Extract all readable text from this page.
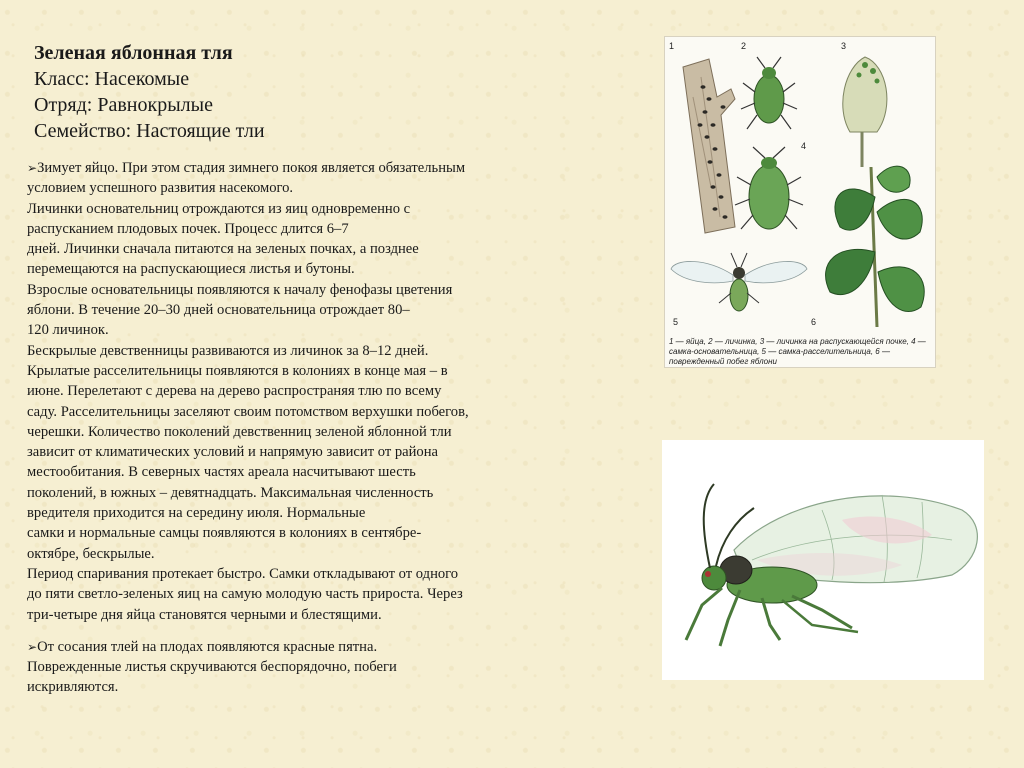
Зеленая яблонная тля
Класс: Насекомые
Отряд: Равнокрылые
Семейство: Настоящие тли

➢Зимует яйцо. При этом стадия зимнего покоя является обязательным
условием успешного развития насекомого.
Личинки основательниц отрождаются из яиц одновременно с
распусканием плодовых почек. Процесс длится 6–7
дней. Личинки сначала питаются на зеленых почках, а позднее
перемещаются на распускающиеся листья и бутоны.
Взрослые основательницы появляются к началу фенофазы цветения
яблони. В течение 20–30 дней основательница отрождает 80–
120 личинок.
Бескрылые девственницы развиваются из личинок за 8–12 дней.
Крылатые расселительницы появляются в колониях в конце мая – в
июне. Перелетают с дерева на дерево распространяя тлю по всему
саду. Расселительницы заселяют своим потомством верхушки побегов,
черешки. Количество поколений девственниц зеленой яблонной тли
зависит от климатических условий и напрямую зависит от района
местообитания. В северных частях ареала насчитывают шесть
поколений, в южных – девятнадцать. Максимальная численность
вредителя приходится на середину июля. Нормальные
самки и нормальные самцы появляются в колониях в сентябре-
октябре, бескрылые.
Период спаривания протекает быстро. Самки откладывают от одного
до пяти светло-зеленых яиц на самую молодую часть прироста. Через
три-четыре дня яйца становятся черными и блестящими.

➢От сосания тлей на плодах появляются красные пятна.
Поврежденные листья скручиваются беспорядочно, побеги
искривляются.

1	2	3
4
5	6
1 — яйца, 2 — личинка, 3 — личинка на распускающейся почке, 4 — самка-основательница, 5 — самка-расселительница, 6 — поврежденный побег яблони
